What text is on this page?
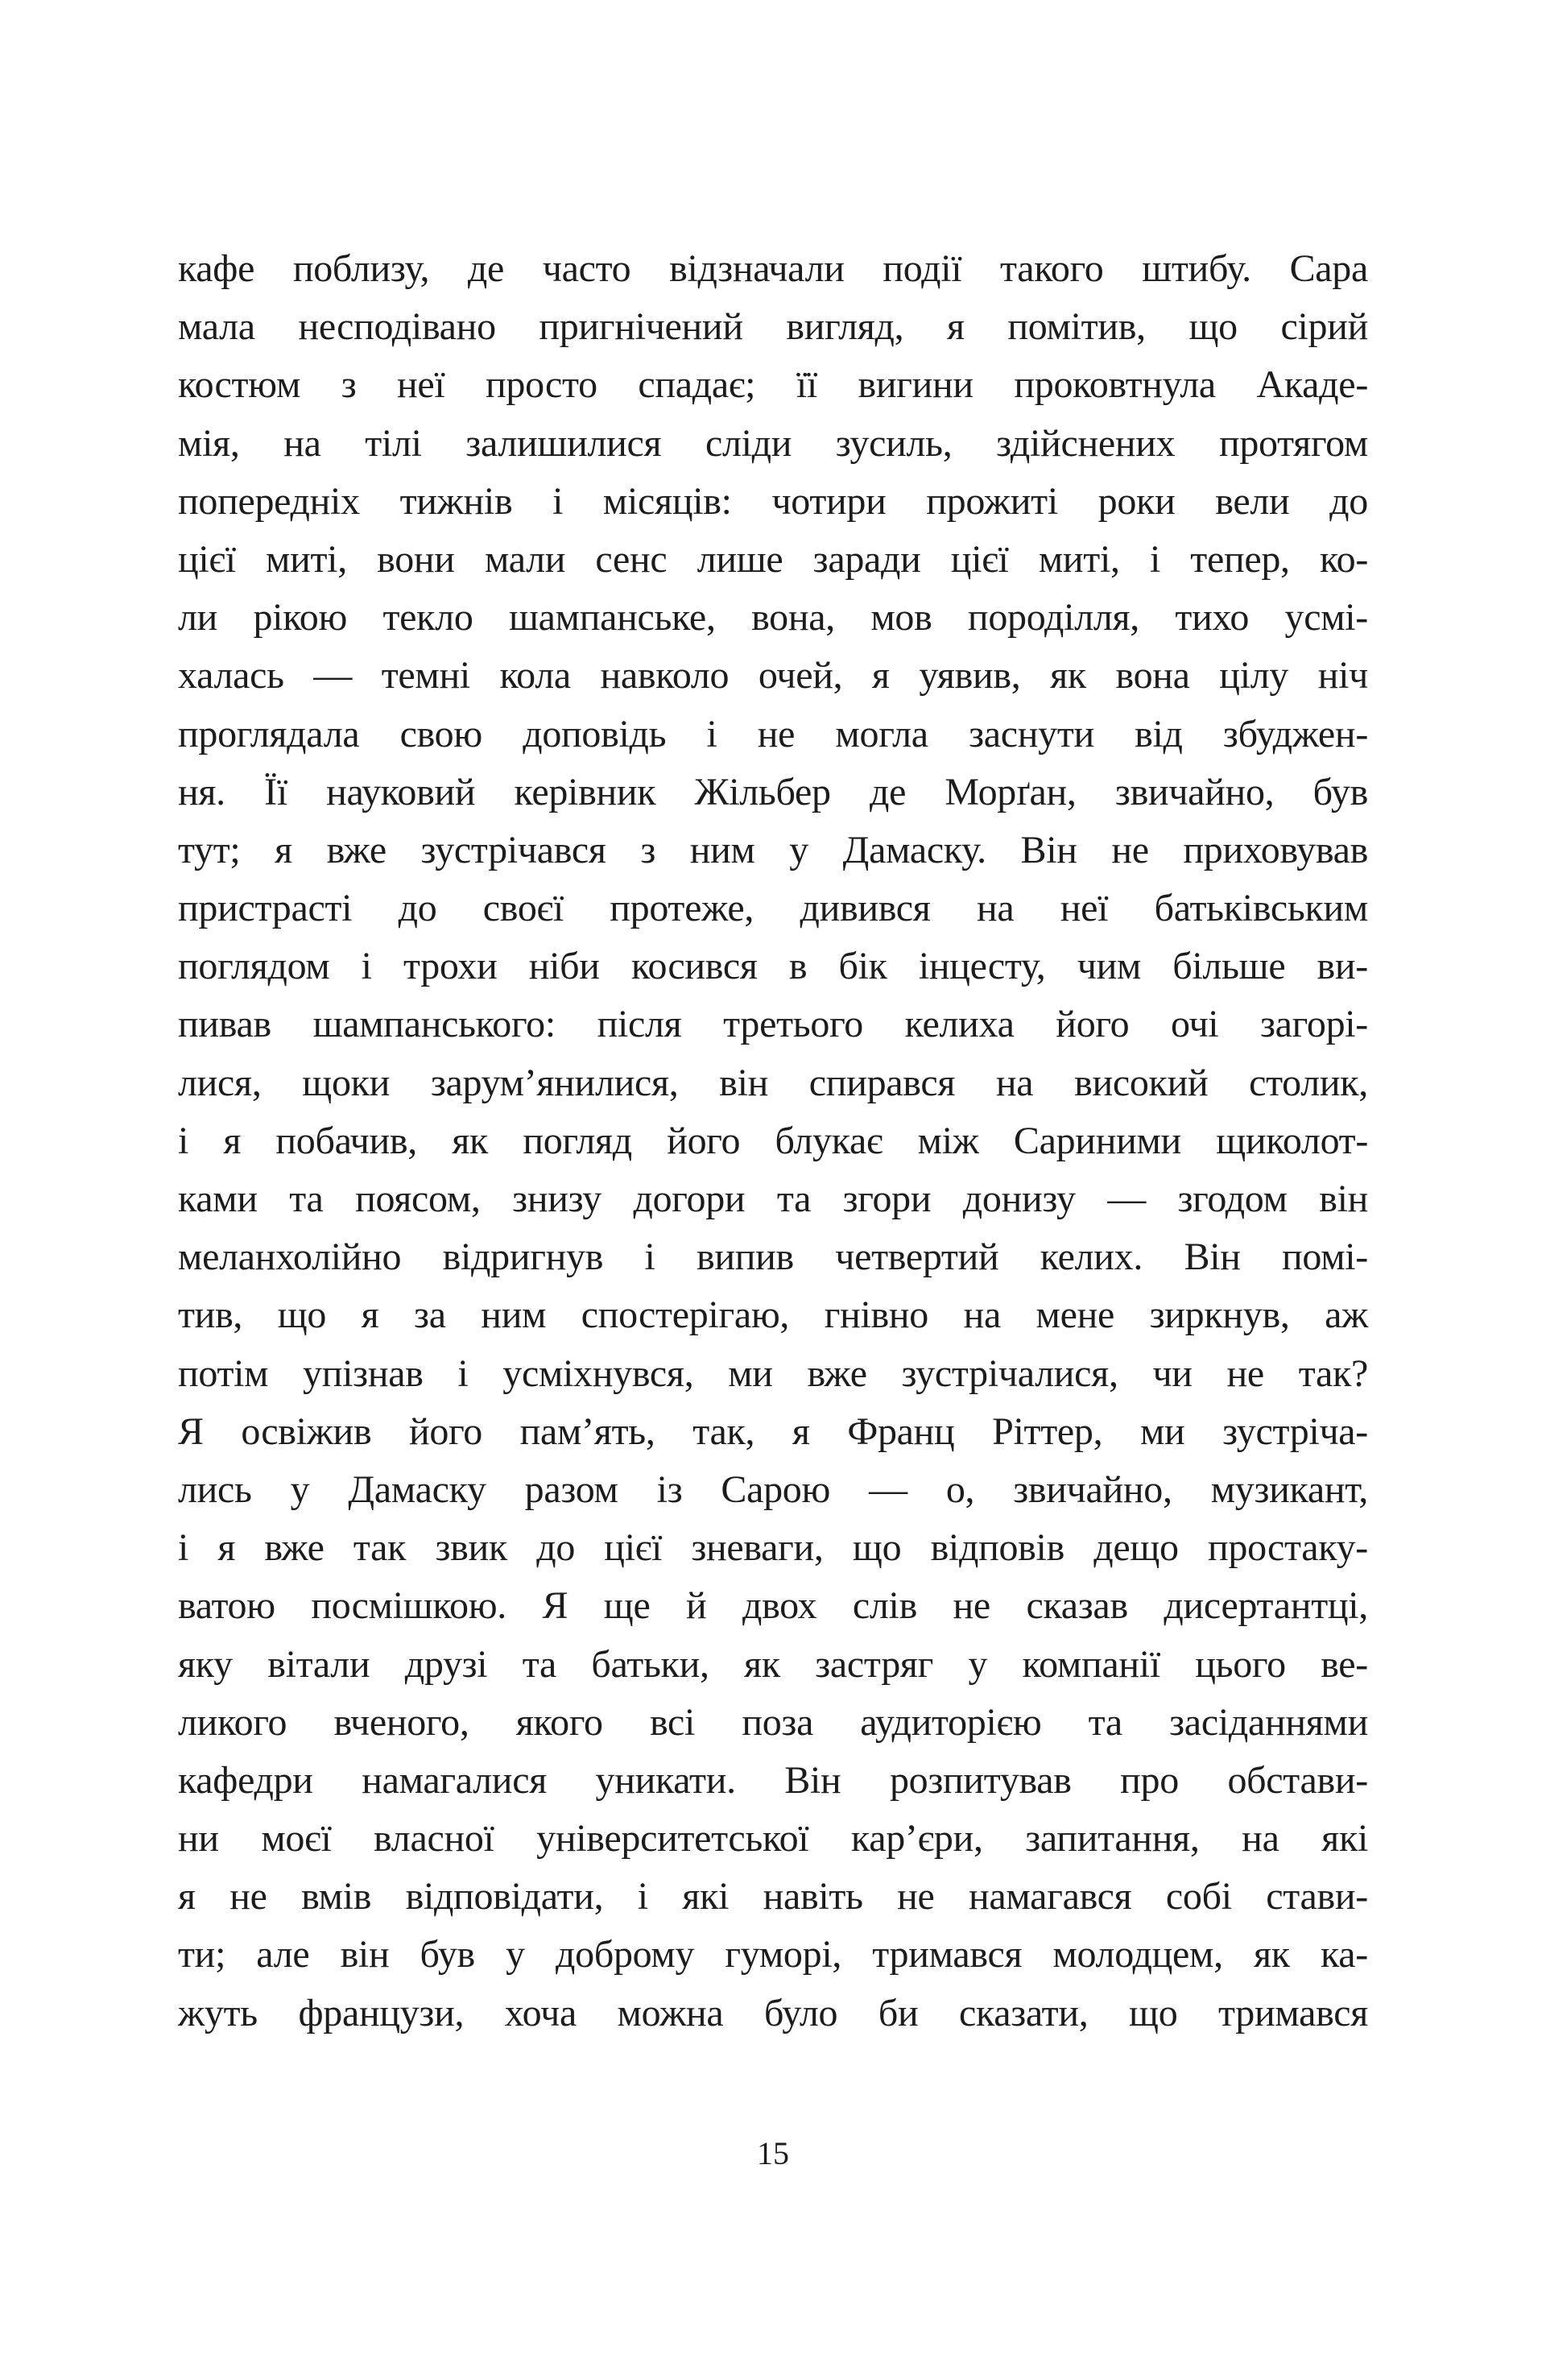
кафе поблизу, де часто відзначали події такого штибу. Сара
мала несподівано пригнічений вигляд, я помітив, що сірий
костюм з неї просто спадає; її вигини проковтнула Акаде-
мія, на тілі залишилися сліди зусиль, здійснених протягом
попередніх тижнів і місяців: чотири прожиті роки вели до
цієї миті, вони мали сенс лише заради цієї миті, і тепер, ко-
ли рікою текло шампанське, вона, мов породілля, тихо усмі-
халась — темні кола навколо очей, я уявив, як вона цілу ніч
проглядала свою доповідь і не могла заснути від збуджен-
ня. Її науковий керівник Жільбер де Морґан, звичайно, був
тут; я вже зустрічався з ним у Дамаску. Він не приховував
пристрасті до своєї протеже, дивився на неї батьківським
поглядом і трохи ніби косився в бік інцесту, чим більше ви-
пивав шампанського: після третього келиха його очі загорі-
лися, щоки зарум’янилися, він спирався на високий столик,
і я побачив, як погляд його блукає між Сариними щиколот-
ками та поясом, знизу догори та згори донизу — згодом він
меланхолійно відригнув і випив четвертий келих. Він помі-
тив, що я за ним спостерігаю, гнівно на мене зиркнув, аж
потім упізнав і усміхнувся, ми вже зустрічалися, чи не так?
Я освіжив його пам’ять, так, я Франц Ріттер, ми зустріча-
лись у Дамаску разом із Сарою — о, звичайно, музикант,
і я вже так звик до цієї зневаги, що відповів дещо простаку-
ватою посмішкою. Я ще й двох слів не сказав дисертантці,
яку вітали друзі та батьки, як застряг у компанії цього ве-
ликого вченого, якого всі поза аудиторією та засіданнями
кафедри намагалися уникати. Він розпитував про обстави-
ни моєї власної університетської кар’єри, запитання, на які
я не вмів відповідати, і які навіть не намагався собі стави-
ти; але він був у доброму гуморі, тримався молодцем, як ка-
жуть французи, хоча можна було би сказати, що тримався
15
